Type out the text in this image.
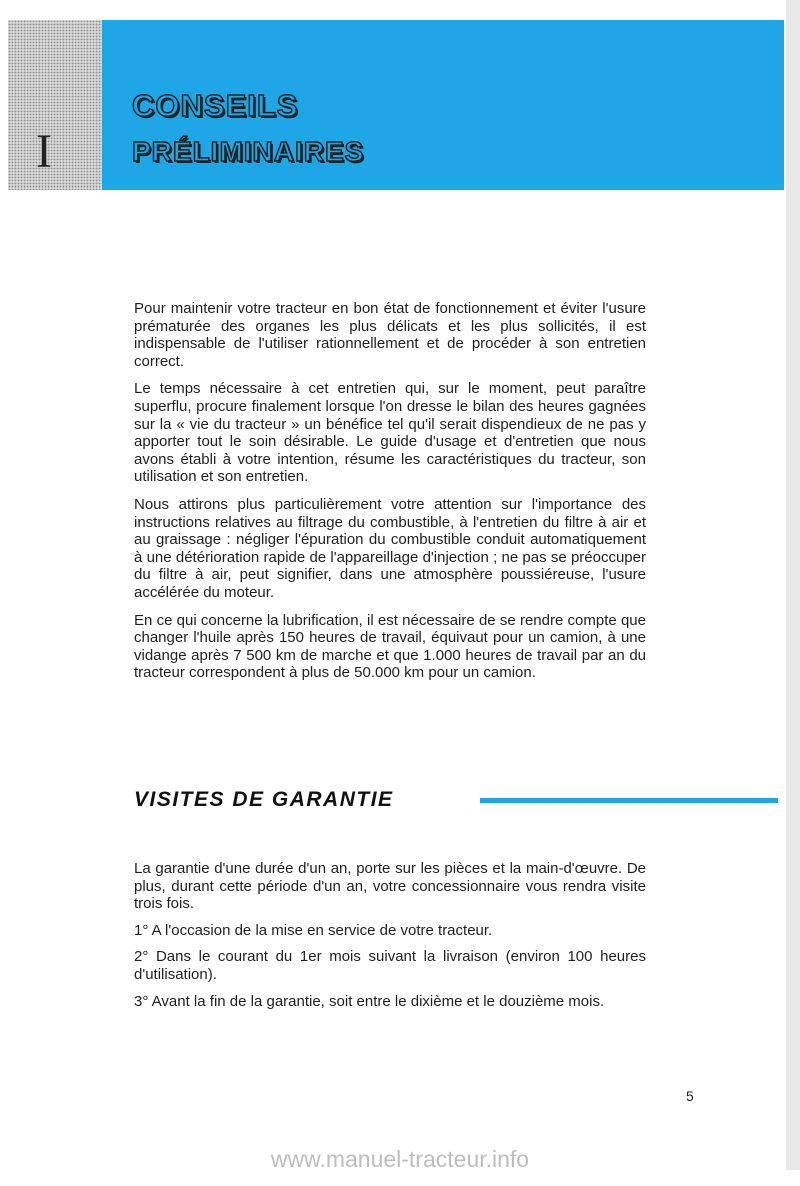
I
CONSEILS
PRÉLIMINAIRES

Pour maintenir votre tracteur en bon état de fonctionnement et éviter l'usure prématurée des organes les plus délicats et les plus sollicités, il est indispensable de l'utiliser rationnellement et de procéder à son entretien correct.

Le temps nécessaire à cet entretien qui, sur le moment, peut paraître superflu, procure finalement lorsque l'on dresse le bilan des heures gagnées sur la « vie du tracteur » un bénéfice tel qu'il serait dispendieux de ne pas y apporter tout le soin désirable. Le guide d'usage et d'entretien que nous avons établi à votre intention, résume les caractéristiques du tracteur, son utilisation et son entretien.

Nous attirons plus particulièrement votre attention sur l'importance des instructions relatives au filtrage du combustible, à l'entretien du filtre à air et au graissage : négliger l'épuration du combustible conduit automatiquement à une détérioration rapide de l'appareillage d'injection ; ne pas se préoccuper du filtre à air, peut signifier, dans une atmosphère poussiéreuse, l'usure accélérée du moteur.

En ce qui concerne la lubrification, il est nécessaire de se rendre compte que changer l'huile après 150 heures de travail, équivaut pour un camion, à une vidange après 7 500 km de marche et que 1.000 heures de travail par an du tracteur correspondent à plus de 50.000 km pour un camion.

VISITES DE GARANTIE

La garantie d'une durée d'un an, porte sur les pièces et la main-d'œuvre. De plus, durant cette période d'un an, votre concessionnaire vous rendra visite trois fois.

1° A l'occasion de la mise en service de votre tracteur.

2° Dans le courant du 1er mois suivant la livraison (environ 100 heures d'utilisation).

3° Avant la fin de la garantie, soit entre le dixième et le douzième mois.

5
www.manuel-tracteur.info
